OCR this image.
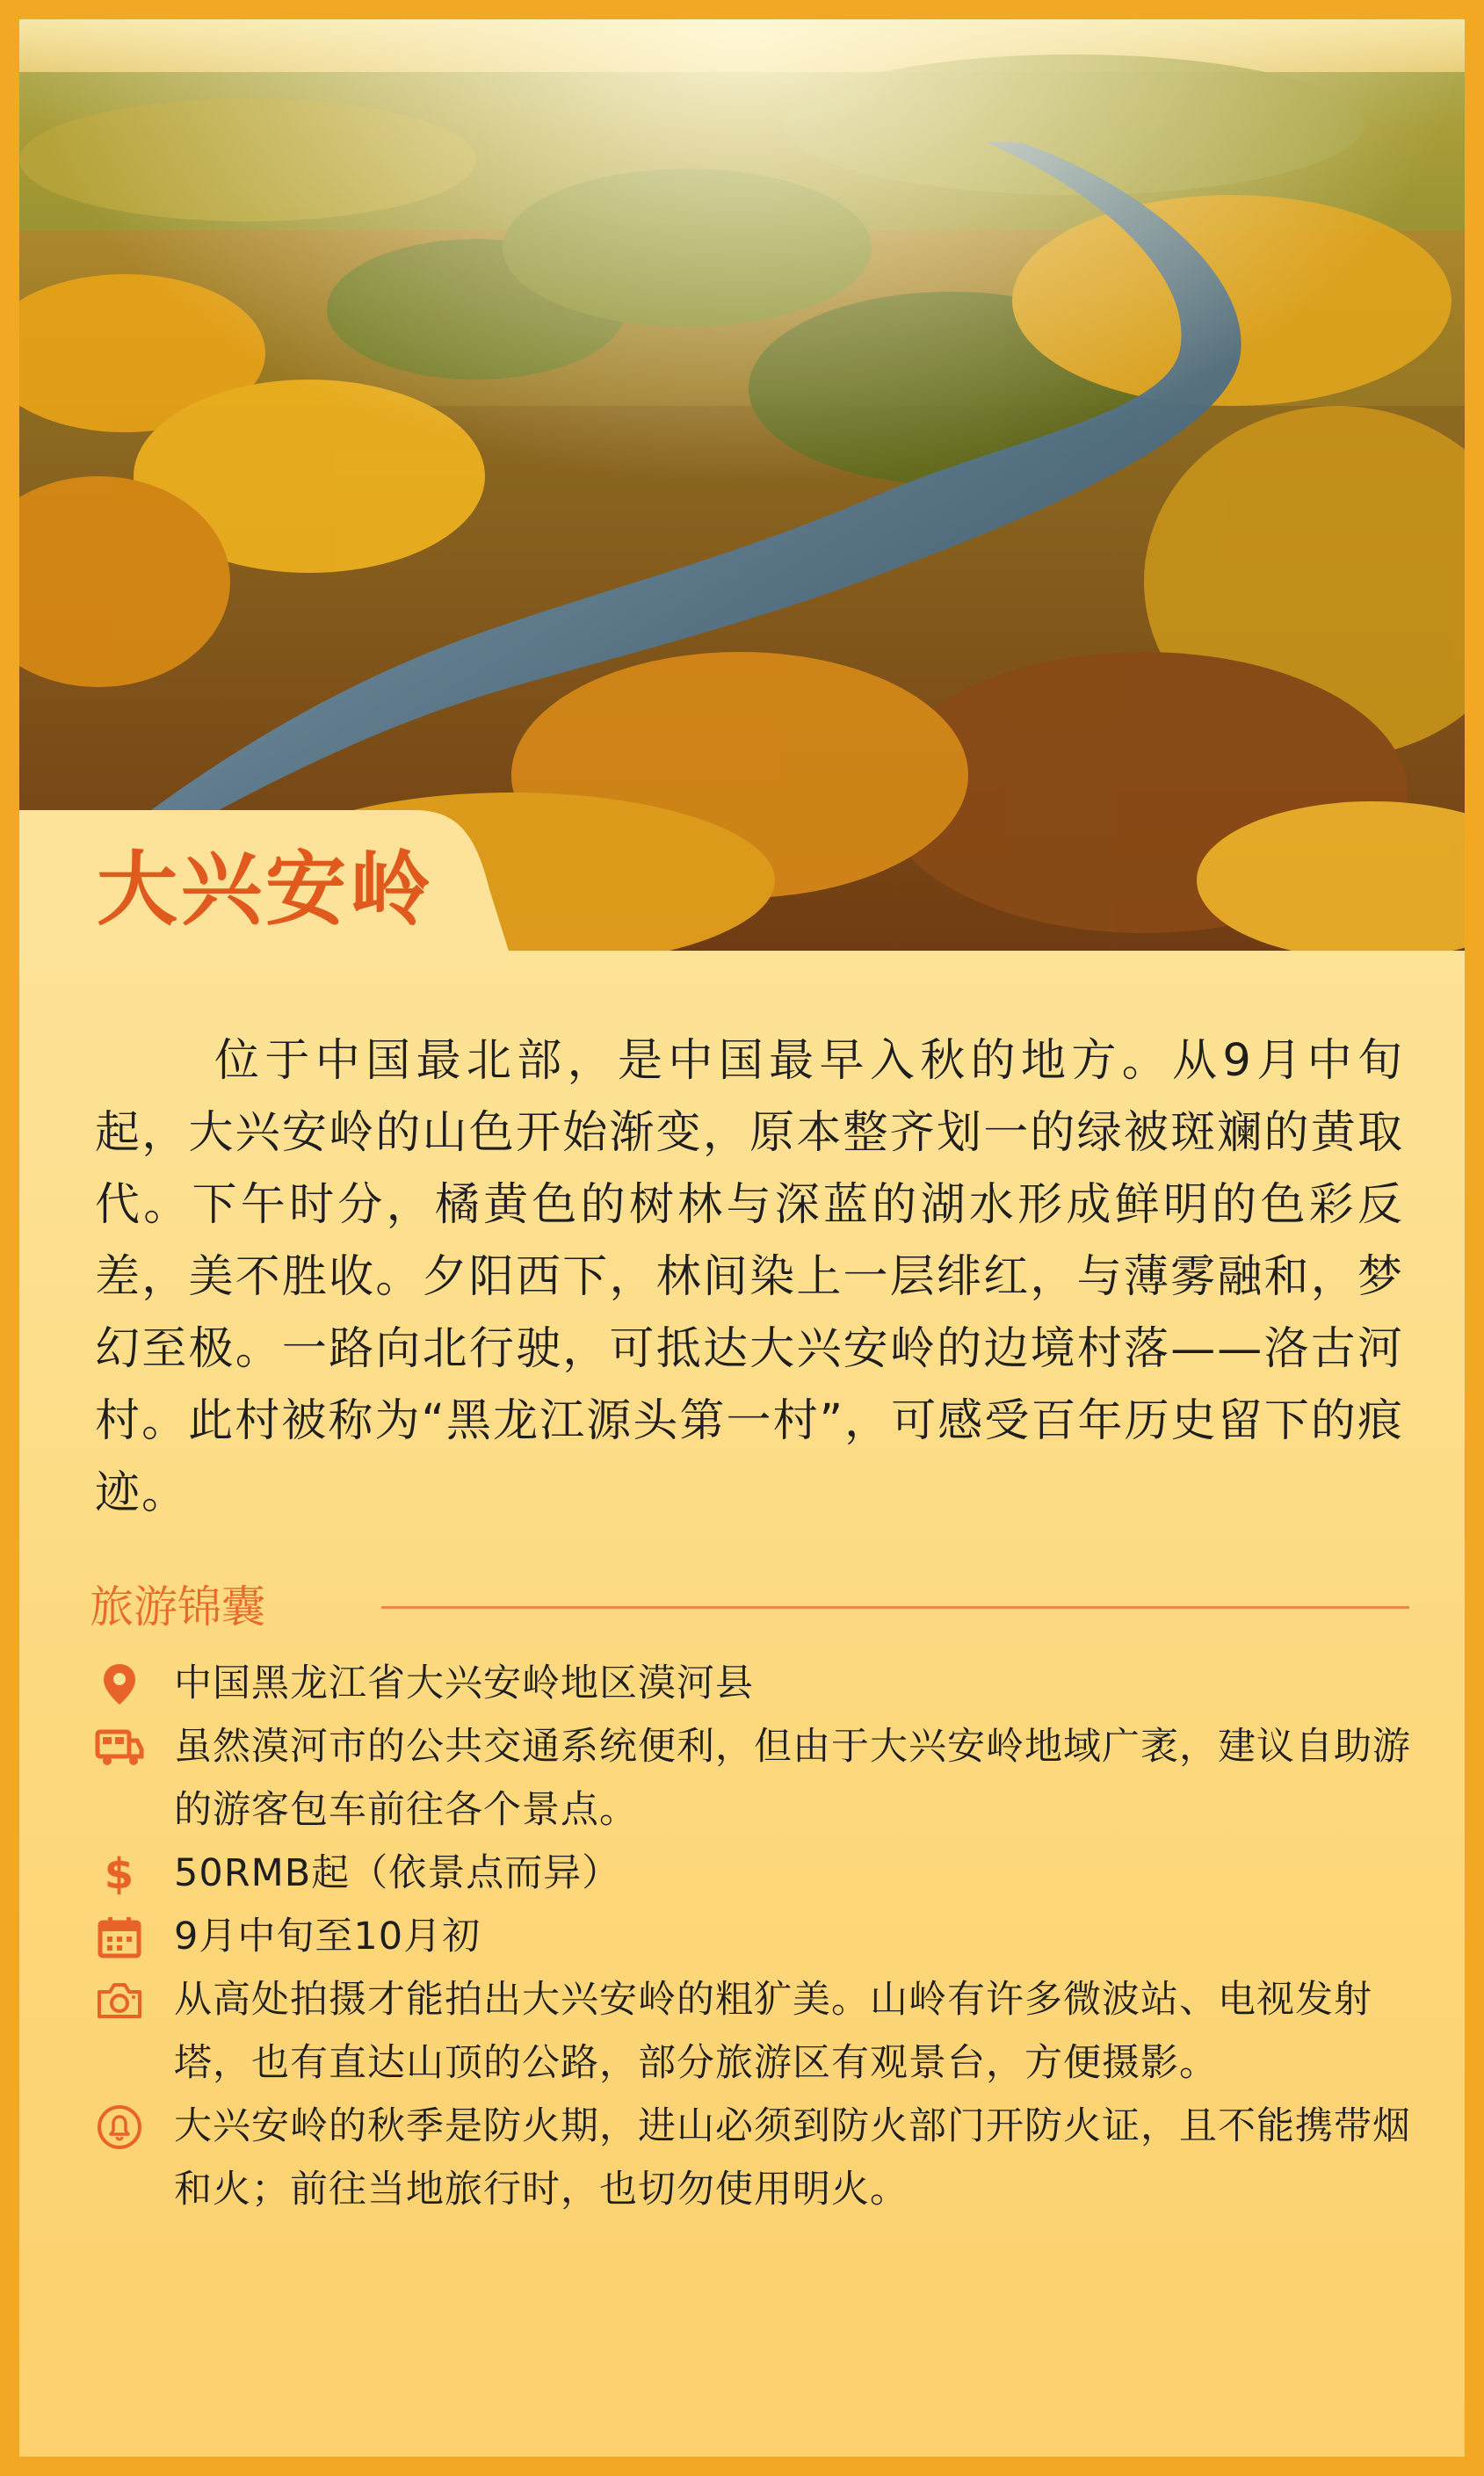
大兴安岭
位于中国最北部，是中国最早入秋的地方。从9月中旬起，大兴安岭的山色开始渐变，原本整齐划一的绿被斑斓的黄取代。下午时分，橘黄色的树林与深蓝的湖水形成鲜明的色彩反差，美不胜收。夕阳西下，林间染上一层绯红，与薄雾融和，梦幻至极。一路向北行驶，可抵达大兴安岭的边境村落——洛古河村。此村被称为“黑龙江源头第一村”，可感受百年历史留下的痕迹。
旅游锦囊
中国黑龙江省大兴安岭地区漠河县
虽然漠河市的公共交通系统便利，但由于大兴安岭地域广袤，建议自助游的游客包车前往各个景点。
$ 50RMB起（依景点而异）
9月中旬至10月初
从高处拍摄才能拍出大兴安岭的粗犷美。山岭有许多微波站、电视发射塔，也有直达山顶的公路，部分旅游区有观景台，方便摄影。
大兴安岭的秋季是防火期，进山必须到防火部门开防火证，且不能携带烟和火；前往当地旅行时，也切勿使用明火。
